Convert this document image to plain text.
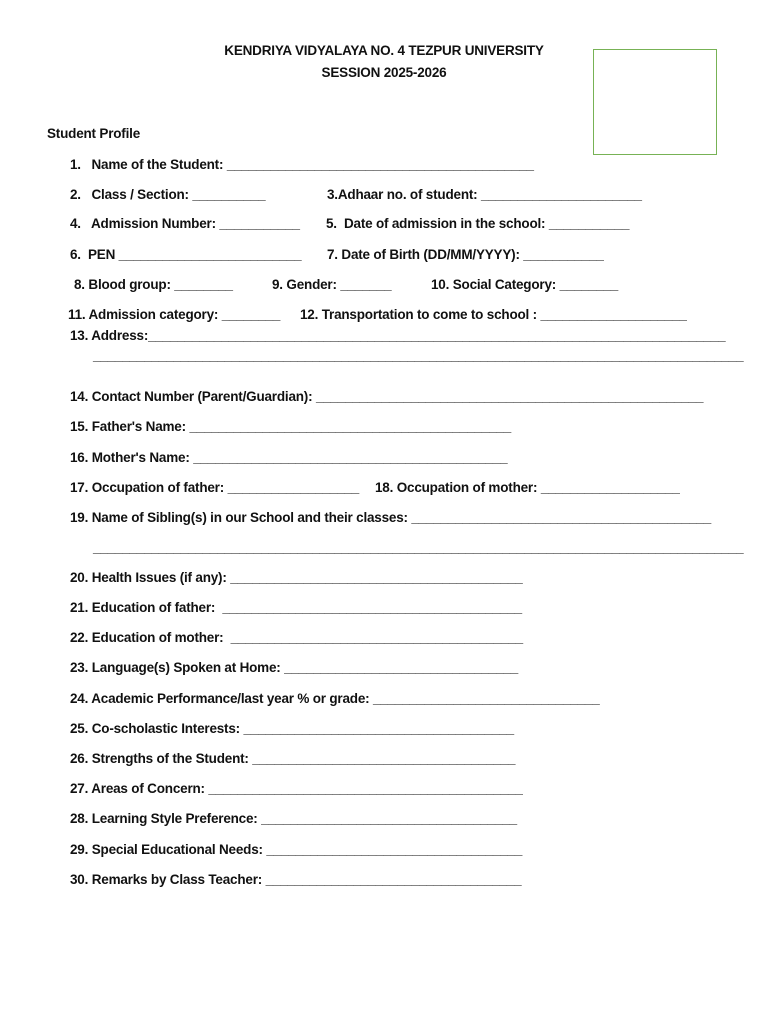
KENDRIYA VIDYALAYA NO. 4 TEZPUR UNIVERSITY
SESSION 2025-2026
Student Profile
1.   Name of the Student: __________________________________________
2.   Class / Section: __________	3.Adhaar no. of student: ______________________
4.   Admission Number: ___________ 5.  Date of admission in the school: ___________
6.  PEN _________________________ 7. Date of Birth (DD/MM/YYYY): ___________
8. Blood group: ________	9. Gender: _______	10. Social Category: ________
11. Admission category: ________ 12. Transportation to come to school : ____________________
13. Address:_______________________________________________________________________________
_________________________________________________________________________________________
14. Contact Number (Parent/Guardian): _____________________________________________________
15. Father's Name: ____________________________________________
16. Mother's Name: ___________________________________________
17. Occupation of father: __________________ 18. Occupation of mother: ___________________
19. Name of Sibling(s) in our School and their classes: _________________________________________
_________________________________________________________________________________________
20. Health Issues (if any): ________________________________________
21. Education of father:  _________________________________________
22. Education of mother:  ________________________________________
23. Language(s) Spoken at Home: ________________________________
24. Academic Performance/last year % or grade: _______________________________
25. Co-scholastic Interests: _____________________________________
26. Strengths of the Student: ____________________________________
27. Areas of Concern: ___________________________________________
28. Learning Style Preference: ___________________________________
29. Special Educational Needs: ___________________________________
30. Remarks by Class Teacher: ___________________________________
